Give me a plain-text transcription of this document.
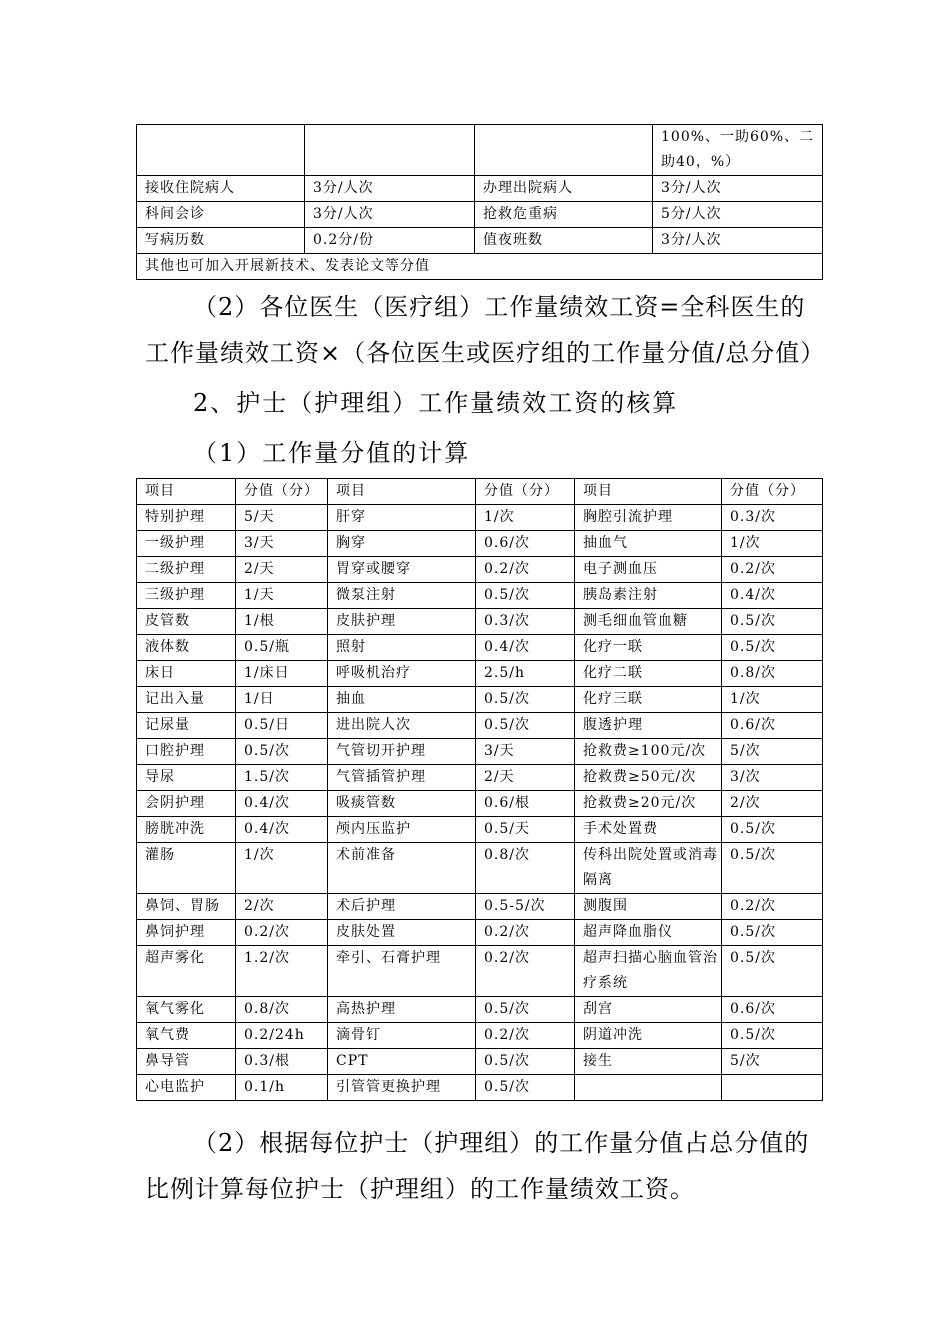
			100%、一助60%、二助40，%）
接收住院病人	3分/人次	办理出院病人	3分/人次
科间会诊	3分/人次	抢救危重病	5分/人次
写病历数	0.2分/份	值夜班数	3分/人次
其他也可加入开展新技术、发表论文等分值			
（2）各位医生（医疗组）工作量绩效工资=全科医生的工作量绩效工资×（各位医生或医疗组的工作量分值/总分值）
2、护士（护理组）工作量绩效工资的核算
（1）工作量分值的计算
项目	分值（分）	项目	分值（分）	项目	分值（分）
特别护理	5/天	肝穿	1/次	胸腔引流护理	0.3/次
一级护理	3/天	胸穿	0.6/次	抽血气	1/次
二级护理	2/天	胃穿或腰穿	0.2/次	电子测血压	0.2/次
三级护理	1/天	微泵注射	0.5/次	胰岛素注射	0.4/次
皮管数	1/根	皮肤护理	0.3/次	测毛细血管血糖	0.5/次
液体数	0.5/瓶	照射	0.4/次	化疗一联	0.5/次
床日	1/床日	呼吸机治疗	2.5/h	化疗二联	0.8/次
记出入量	1/日	抽血	0.5/次	化疗三联	1/次
记尿量	0.5/日	进出院人次	0.5/次	腹透护理	0.6/次
口腔护理	0.5/次	气管切开护理	3/天	抢救费≥100元/次	5/次
导尿	1.5/次	气管插管护理	2/天	抢救费≥50元/次	3/次
会阴护理	0.4/次	吸痰管数	0.6/根	抢救费≥20元/次	2/次
膀胱冲洗	0.4/次	颅内压监护	0.5/天	手术处置费	0.5/次
灌肠	1/次	术前准备	0.8/次	传科出院处置或消毒隔离	0.5/次
鼻饲、胃肠	2/次	术后护理	0.5-5/次	测腹围	0.2/次
鼻饲护理	0.2/次	皮肤处置	0.2/次	超声降血脂仪	0.5/次
超声雾化	1.2/次	牵引、石膏护理	0.2/次	超声扫描心脑血管治疗系统	0.5/次
氧气雾化	0.8/次	高热护理	0.5/次	刮宫	0.6/次
氧气费	0.2/24h	滴骨钉	0.2/次	阴道冲洗	0.5/次
鼻导管	0.3/根	CPT	0.5/次	接生	5/次
心电监护	0.1/h	引管管更换护理	0.5/次		
（2）根据每位护士（护理组）的工作量分值占总分值的比例计算每位护士（护理组）的工作量绩效工资。
